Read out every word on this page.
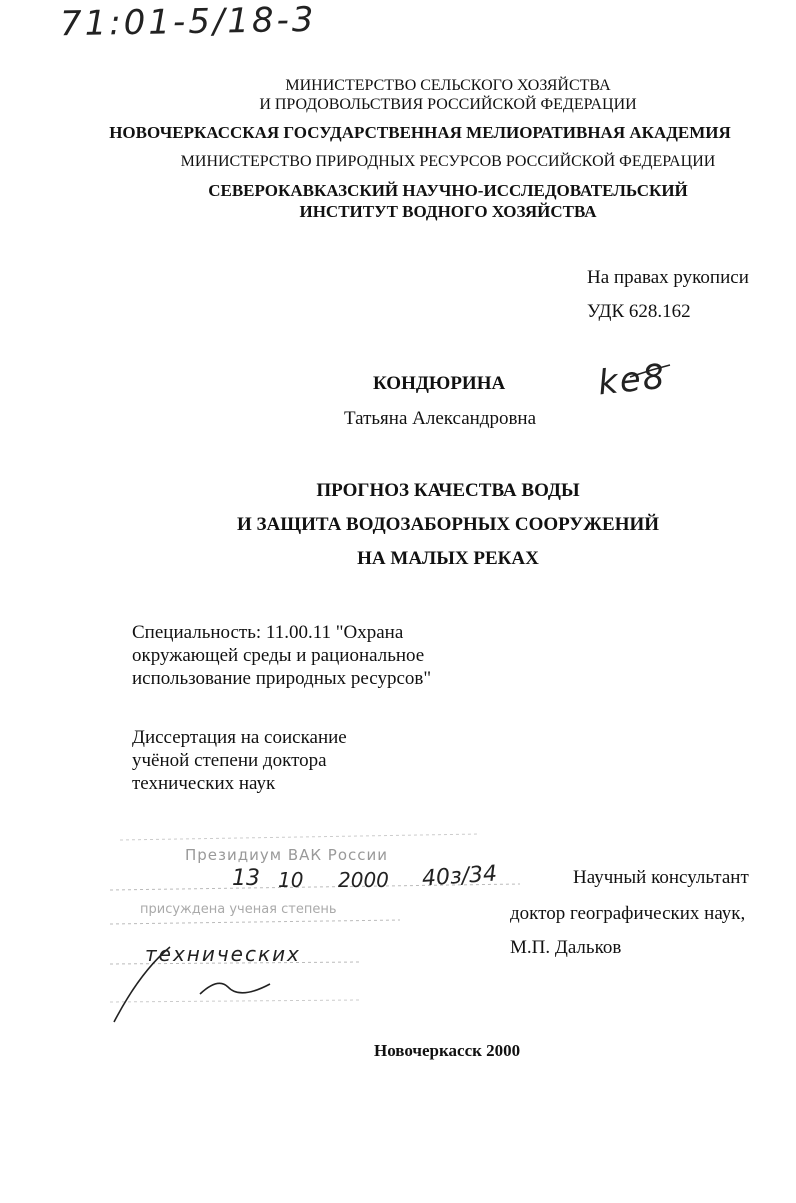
71:01-5/18-3
МИНИСТЕРСТВО СЕЛЬСКОГО ХОЗЯЙСТВА
И ПРОДОВОЛЬСТВИЯ РОССИЙСКОЙ ФЕДЕРАЦИИ
НОВОЧЕРКАССКАЯ ГОСУДАРСТВЕННАЯ МЕЛИОРАТИВНАЯ АКАДЕМИЯ
МИНИСТЕРСТВО ПРИРОДНЫХ РЕСУРСОВ РОССИЙСКОЙ ФЕДЕРАЦИИ
СЕВЕРОКАВКАЗСКИЙ НАУЧНО-ИССЛЕДОВАТЕЛЬСКИЙ
ИНСТИТУТ ВОДНОГО ХОЗЯЙСТВА
На правах рукописи
УДК 628.162
КОНДЮРИНА	ke8
Татьяна Александровна
ПРОГНОЗ КАЧЕСТВА ВОДЫ
И ЗАЩИТА ВОДОЗАБОРНЫХ СООРУЖЕНИЙ
НА МАЛЫХ РЕКАХ
Специальность: 11.00.11 "Охрана
окружающей среды и рациональное
использование природных ресурсов"
Диссертация на соискание
учёной степени доктора
технических наук
Научный консультант
доктор географических наук,
М.П. Дальков
Президиум ВАК России
13 10 2000 40з/34
присуждена ученая степень
технических
Новочеркасск 2000
